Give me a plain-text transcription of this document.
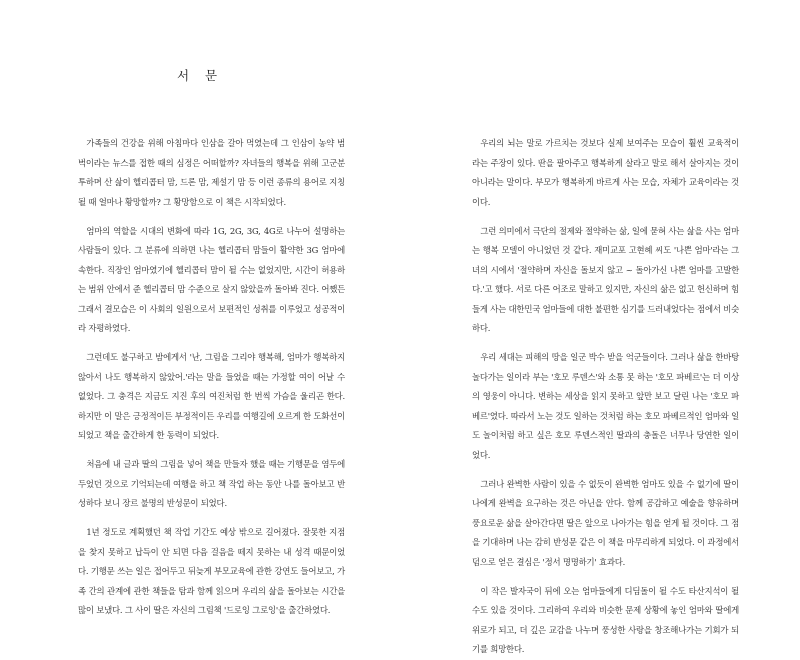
서 문

가족들의 건강을 위해 아침마다 인삼을 갈아 먹였는데 그 인삼이 농약 범벅이라는 뉴스를 접한 때의 심정은 어떠할까? 자녀들의 행복을 위해 고군분투하며 산 삶이 헬리콥터 맘, 드론 맘, 제설기 맘 등 이런 종류의 용어로 지칭될 때 얼마나 황망할까? 그 황망함으로 이 책은 시작되었다.

엄마의 역할을 시대의 변화에 따라 1G, 2G, 3G, 4G로 나누어 설명하는 사람들이 있다. 그 분류에 의하면 나는 헬리콥터 맘들이 활약한 3G 엄마에 속한다. 직장인 엄마였기에 헬리콥터 맘이 될 수는 없었지만, 시간이 허용하는 범위 안에서 준 헬리콥터 맘 수준으로 살지 않았을까 돌아봐 진다. 어쨌든 그래서 결모습은 이 사회의 일원으로서 보편적인 성취를 이루었고 성공적이라 자평하였다.

그런데도 불구하고 밤에게서 '난, 그림을 그리야 행복해, 엄마가 행복하지 않아서 나도 행복하지 않았어.'라는 말을 들었을 때는 가정할 여이 어날 수 없었다. 그 충격은 지금도 지진 후의 여진처럼 한 번씩 가슴을 울리곤 한다. 하지만 이 말은 긍정적이든 부정적이든 우리를 여행길에 오르게 한 도화선이 되었고 책을 출간하게 한 동력이 되었다.

처음에 내 글과 딸의 그림을 넣어 책을 만들자 했을 때는 기행문을 염두에 두었던 것으로 기억되는데 여행을 하고 책 작업 하는 동안 나를 돌아보고 반성하다 보니 장르 불명의 반성문이 되었다.

1년 정도로 계획했던 책 작업 기간도 예상 밖으로 길어졌다. 잘못한 지점을 찾지 못하고 납득이 안 되면 다음 걸음을 떼지 못하는 내 성격 때문이었다. 기행문 쓰는 일은 접어두고 뒤늦게 부모교육에 관한 강연도 들어보고, 가족 간의 관계에 관한 책들을 탐과 함께 읽으며 우리의 삶을 돌아보는 시간을 많이 보냈다. 그 사이 딸은 자신의 그림책 '드로잉 그로잉'을 출간하였다.

우리의 뇌는 말로 가르치는 것보다 실제 보여주는 모습이 훨씬 교육적이라는 주장이 있다. 딴을 팔아주고 행복하게 살라고 말로 해서 살아지는 것이 아니라는 말이다. 부모가 행복하게 바르게 사는 모습, 자체가 교육이라는 것이다.

그런 의미에서 극단의 절제와 절약하는 삶, 일에 묻혀 사는 삶을 사는 엄마는 행복 모델이 아니었던 것 같다. 재미교포 고현혜 씨도 '나쁜 엄마'라는 그녀의 시에서 '절약하며 자신을 돌보지 않고 ~ 돌아가신 나쁜 엄마를 고발한다.'고 했다. 서로 다른 어조로 말하고 있지만, 자신의 삶은 없고 헌신하며 힘들게 사는 대한민국 엄마들에 대한 불편한 심기를 드러내었다는 점에서 비슷하다.

우리 세대는 피해의 땅을 일군 박수 받을 억군들이다. 그러나 삶을 한바탕 놀다가는 일이라 부는 '호모 루덴스'와 소통 못 하는 '호모 파베르'는 더 이상의 영웅이 아니다. 변하는 세상을 읽지 못하고 앞만 보고 달린 나는 '호모 파베르'였다. 따라서 노는 것도 일하는 것처럼 하는 호모 파베르적인 엄마와 일도 놀이처럼 하고 싶은 호모 루덴스적인 딸과의 충돌은 너무나 당연한 일이었다.

그러나 완벽한 사람이 있을 수 없듯이 완벽한 엄마도 있을 수 없기에 딸이 나에게 완벽을 요구하는 것은 아닌을 안다. 함께 공감하고 예술을 향유하며 풍요로운 삶을 살아간다면 딸은 앞으로 나아가는 힘을 얻게 될 것이다. 그 점을 기대하며 나는 감히 반성문 같은 이 책을 마무리하게 되었다. 이 과정에서 덤으로 얻은 결심은 '정서 명명하기' 효과다.

이 작은 발자국이 뒤에 오는 엄마들에게 디딤돌이 될 수도 타산지석이 될 수도 있을 것이다. 그리하여 우리와 비슷한 문제 상황에 놓인 엄마와 딸에게 위로가 되고, 더 깊은 교감을 나누며 풍성한 사랑을 창조해나가는 기회가 되기를 희망한다.
